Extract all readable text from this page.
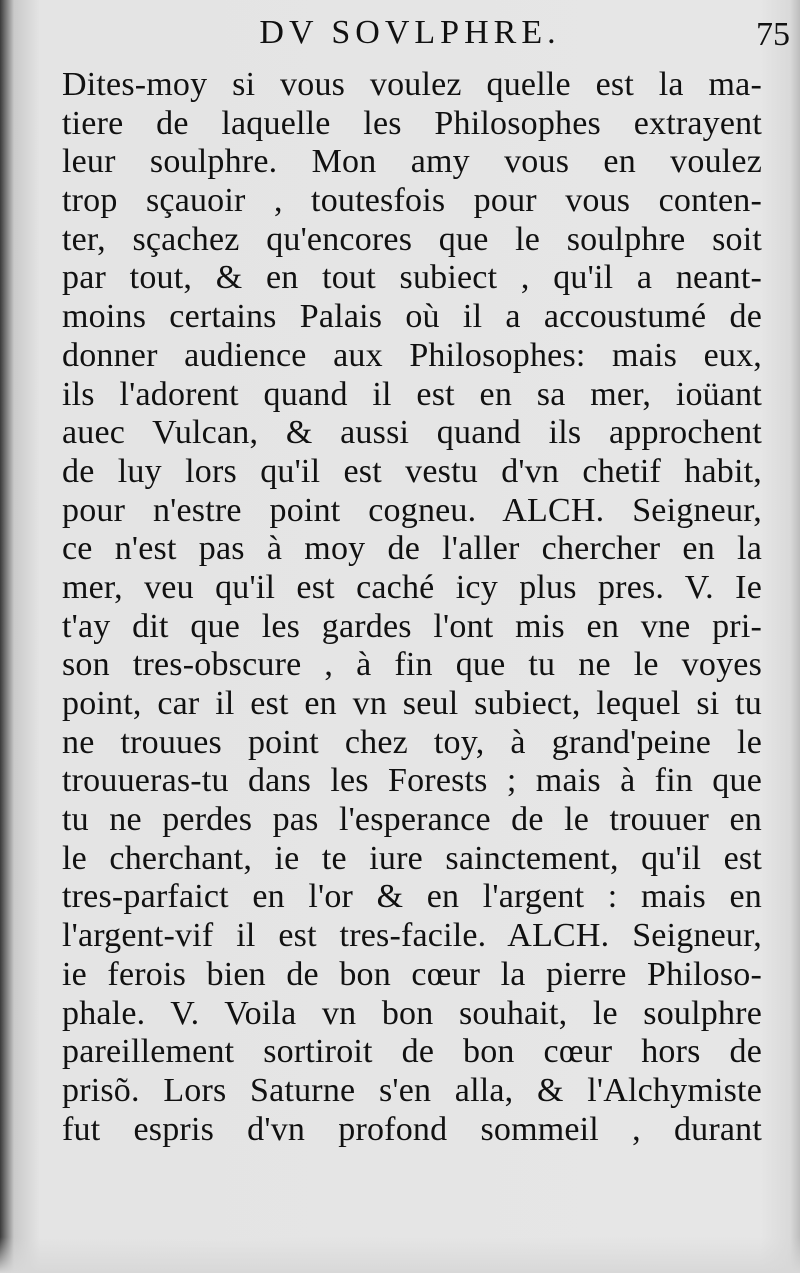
DV SOVLPHRE.	75
Dites-moy si vous voulez quelle est la ma-
tiere de laquelle les Philosophes extrayent
leur soulphre. Mon amy vous en voulez
trop sçauoir , toutesfois pour vous conten-
ter, sçachez qu'encores que le soulphre soit
par tout, & en tout subiect , qu'il a neant-
moins certains Palais où il a accoustumé de
donner audience aux Philosophes: mais eux,
ils l'adorent quand il est en sa mer, ioüant
auec Vulcan, & aussi quand ils approchent
de luy lors qu'il est vestu d'vn chetif habit,
pour n'estre point cogneu. ALCH. Seigneur,
ce n'est pas à moy de l'aller chercher en la
mer, veu qu'il est caché icy plus pres. V. Ie
t'ay dit que les gardes l'ont mis en vne pri-
son tres-obscure , à fin que tu ne le voyes
point, car il est en vn seul subiect, lequel si tu
ne trouues point chez toy, à grand'peine le
trouueras-tu dans les Forests ; mais à fin que
tu ne perdes pas l'esperance de le trouuer en
le cherchant, ie te iure sainctement, qu'il est
tres-parfaict en l'or & en l'argent : mais en
l'argent-vif il est tres-facile. ALCH. Seigneur,
ie ferois bien de bon cœur la pierre Philoso-
phale. V. Voila vn bon souhait, le soulphre
pareillement sortiroit de bon cœur hors de
prisõ. Lors Saturne s'en alla, & l'Alchymiste
fut espris d'vn profond sommeil , durant
